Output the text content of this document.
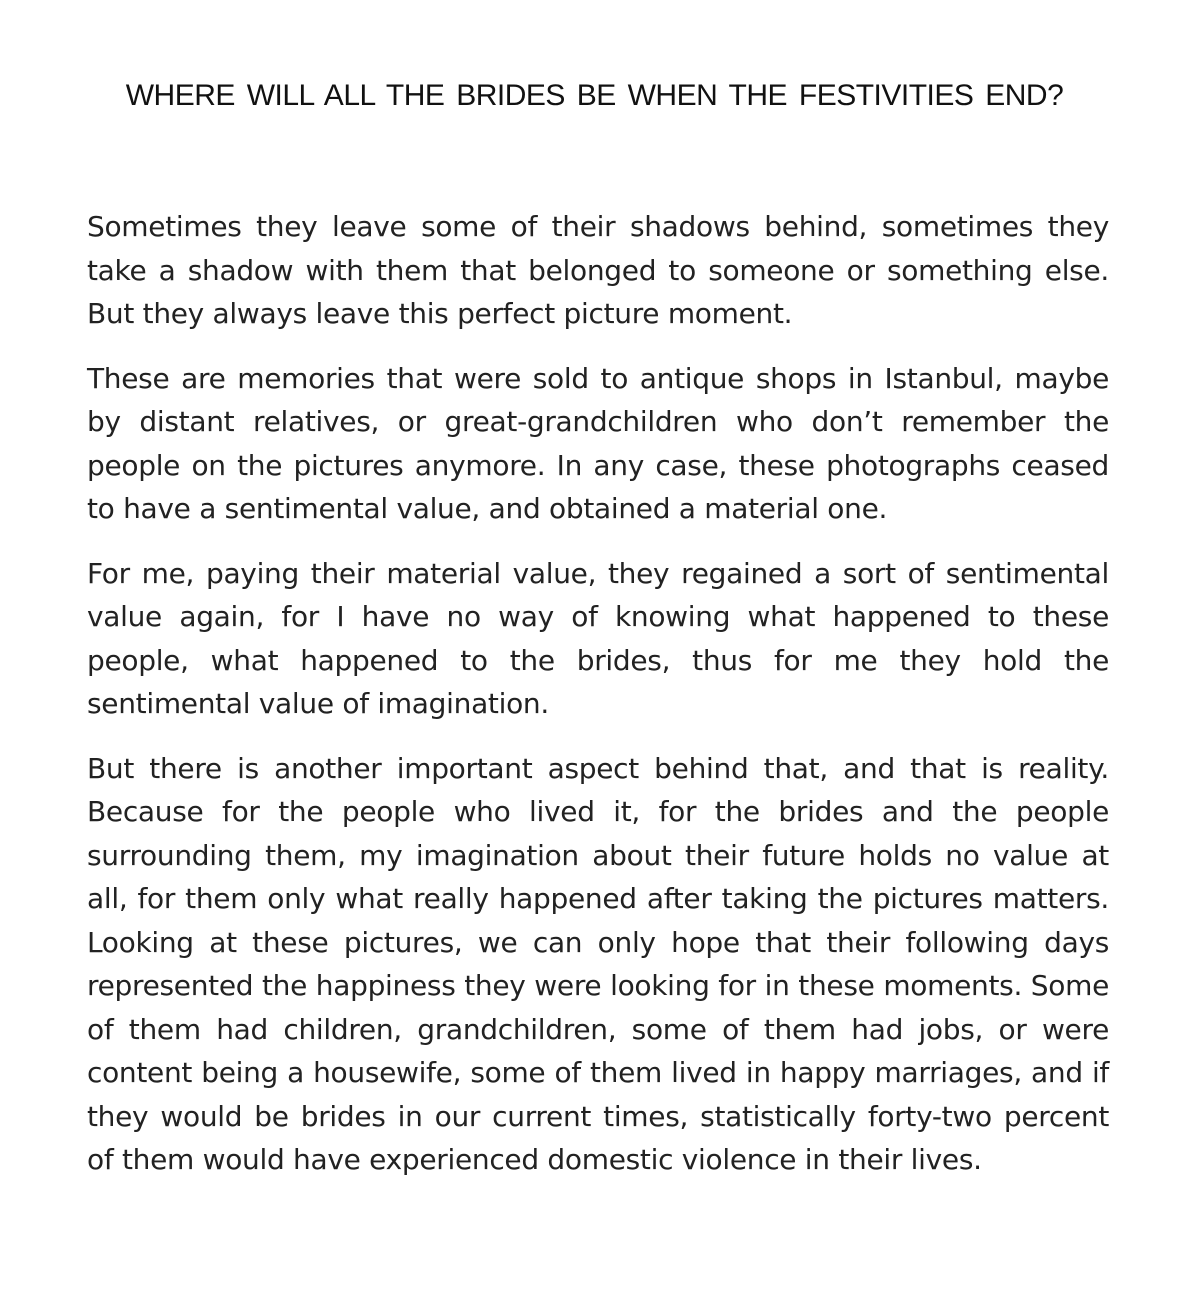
WHERE WILL ALL THE BRIDES BE WHEN THE FESTIVITIES END?

Sometimes they leave some of their shadows behind, sometimes they take a shadow with them that belonged to someone or something else. But they always leave this perfect picture moment.

These are memories that were sold to antique shops in Istanbul, maybe by distant relatives, or great-grandchildren who don’t remember the people on the pictures anymore. In any case, these photographs ceased to have a sentimental value, and obtained a material one.

For me, paying their material value, they regained a sort of sentimental value again, for I have no way of knowing what happened to these people, what happened to the brides, thus for me they hold the sentimental value of imagination.

But there is another important aspect behind that, and that is reality. Because for the people who lived it, for the brides and the people surrounding them, my imagination about their future holds no value at all, for them only what really happened after taking the pictures matters. Looking at these pictures, we can only hope that their following days represented the happiness they were looking for in these moments. Some of them had children, grandchildren, some of them had jobs, or were content being a housewife, some of them lived in happy marriages, and if they would be brides in our current times, statistically forty-two percent of them would have experienced domestic violence in their lives.
